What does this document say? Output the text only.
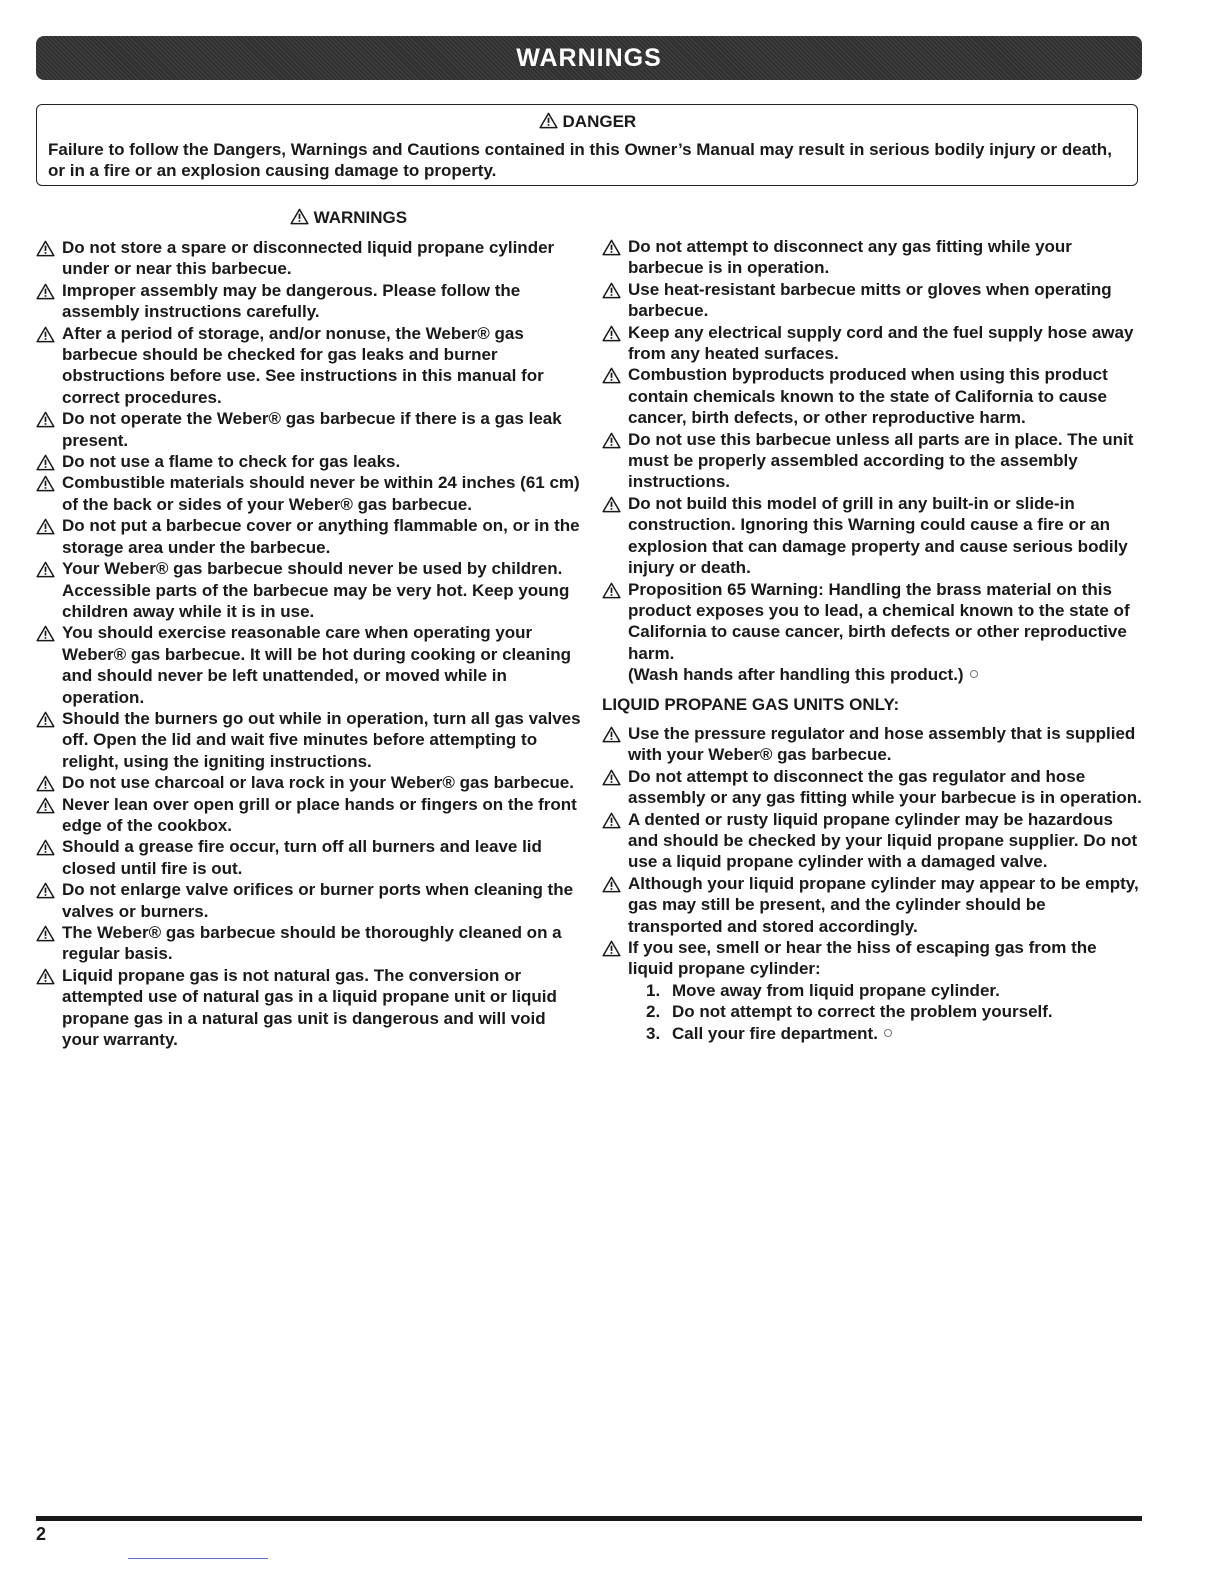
WARNINGS
DANGER
Failure to follow the Dangers, Warnings and Cautions contained in this Owner’s Manual may result in serious bodily injury or death, or in a fire or an explosion causing damage to property.
WARNINGS
Do not store a spare or disconnected liquid propane cylinder under or near this barbecue.
Improper assembly may be dangerous. Please follow the assembly instructions carefully.
After a period of storage, and/or nonuse, the Weber® gas barbecue should be checked for gas leaks and burner obstructions before use. See instructions in this manual for correct procedures.
Do not operate the Weber® gas barbecue if there is a gas leak present.
Do not use a flame to check for gas leaks.
Combustible materials should never be within 24 inches (61 cm) of the back or sides of your Weber® gas barbecue.
Do not put a barbecue cover or anything flammable on, or in the storage area under the barbecue.
Your Weber® gas barbecue should never be used by children. Accessible parts of the barbecue may be very hot. Keep young children away while it is in use.
You should exercise reasonable care when operating your Weber® gas barbecue. It will be hot during cooking or cleaning and should never be left unattended, or moved while in operation.
Should the burners go out while in operation, turn all gas valves off. Open the lid and wait five minutes before attempting to relight, using the igniting instructions.
Do not use charcoal or lava rock in your Weber® gas barbecue.
Never lean over open grill or place hands or fingers on the front edge of the cookbox.
Should a grease fire occur, turn off all burners and leave lid closed until fire is out.
Do not enlarge valve orifices or burner ports when cleaning the valves or burners.
The Weber® gas barbecue should be thoroughly cleaned on a regular basis.
Liquid propane gas is not natural gas. The conversion or attempted use of natural gas in a liquid propane unit or liquid propane gas in a natural gas unit is dangerous and will void your warranty.
Do not attempt to disconnect any gas fitting while your barbecue is in operation.
Use heat-resistant barbecue mitts or gloves when operating barbecue.
Keep any electrical supply cord and the fuel supply hose away from any heated surfaces.
Combustion byproducts produced when using this product contain chemicals known to the state of California to cause cancer, birth defects, or other reproductive harm.
Do not use this barbecue unless all parts are in place. The unit must be properly assembled according to the assembly instructions.
Do not build this model of grill in any built-in or slide-in construction. Ignoring this Warning could cause a fire or an explosion that can damage property and cause serious bodily injury or death.
Proposition 65 Warning: Handling the brass material on this product exposes you to lead, a chemical known to the state of California to cause cancer, birth defects or other reproductive harm.
(Wash hands after handling this product.)
LIQUID PROPANE GAS UNITS ONLY:
Use the pressure regulator and hose assembly that is supplied with your Weber® gas barbecue.
Do not attempt to disconnect the gas regulator and hose assembly or any gas fitting while your barbecue is in operation.
A dented or rusty liquid propane cylinder may be hazardous and should be checked by your liquid propane supplier. Do not use a liquid propane cylinder with a damaged valve.
Although your liquid propane cylinder may appear to be empty, gas may still be present, and the cylinder should be transported and stored accordingly.
If you see, smell or hear the hiss of escaping gas from the liquid propane cylinder:
1. Move away from liquid propane cylinder.
2. Do not attempt to correct the problem yourself.
3. Call your fire department.
2
